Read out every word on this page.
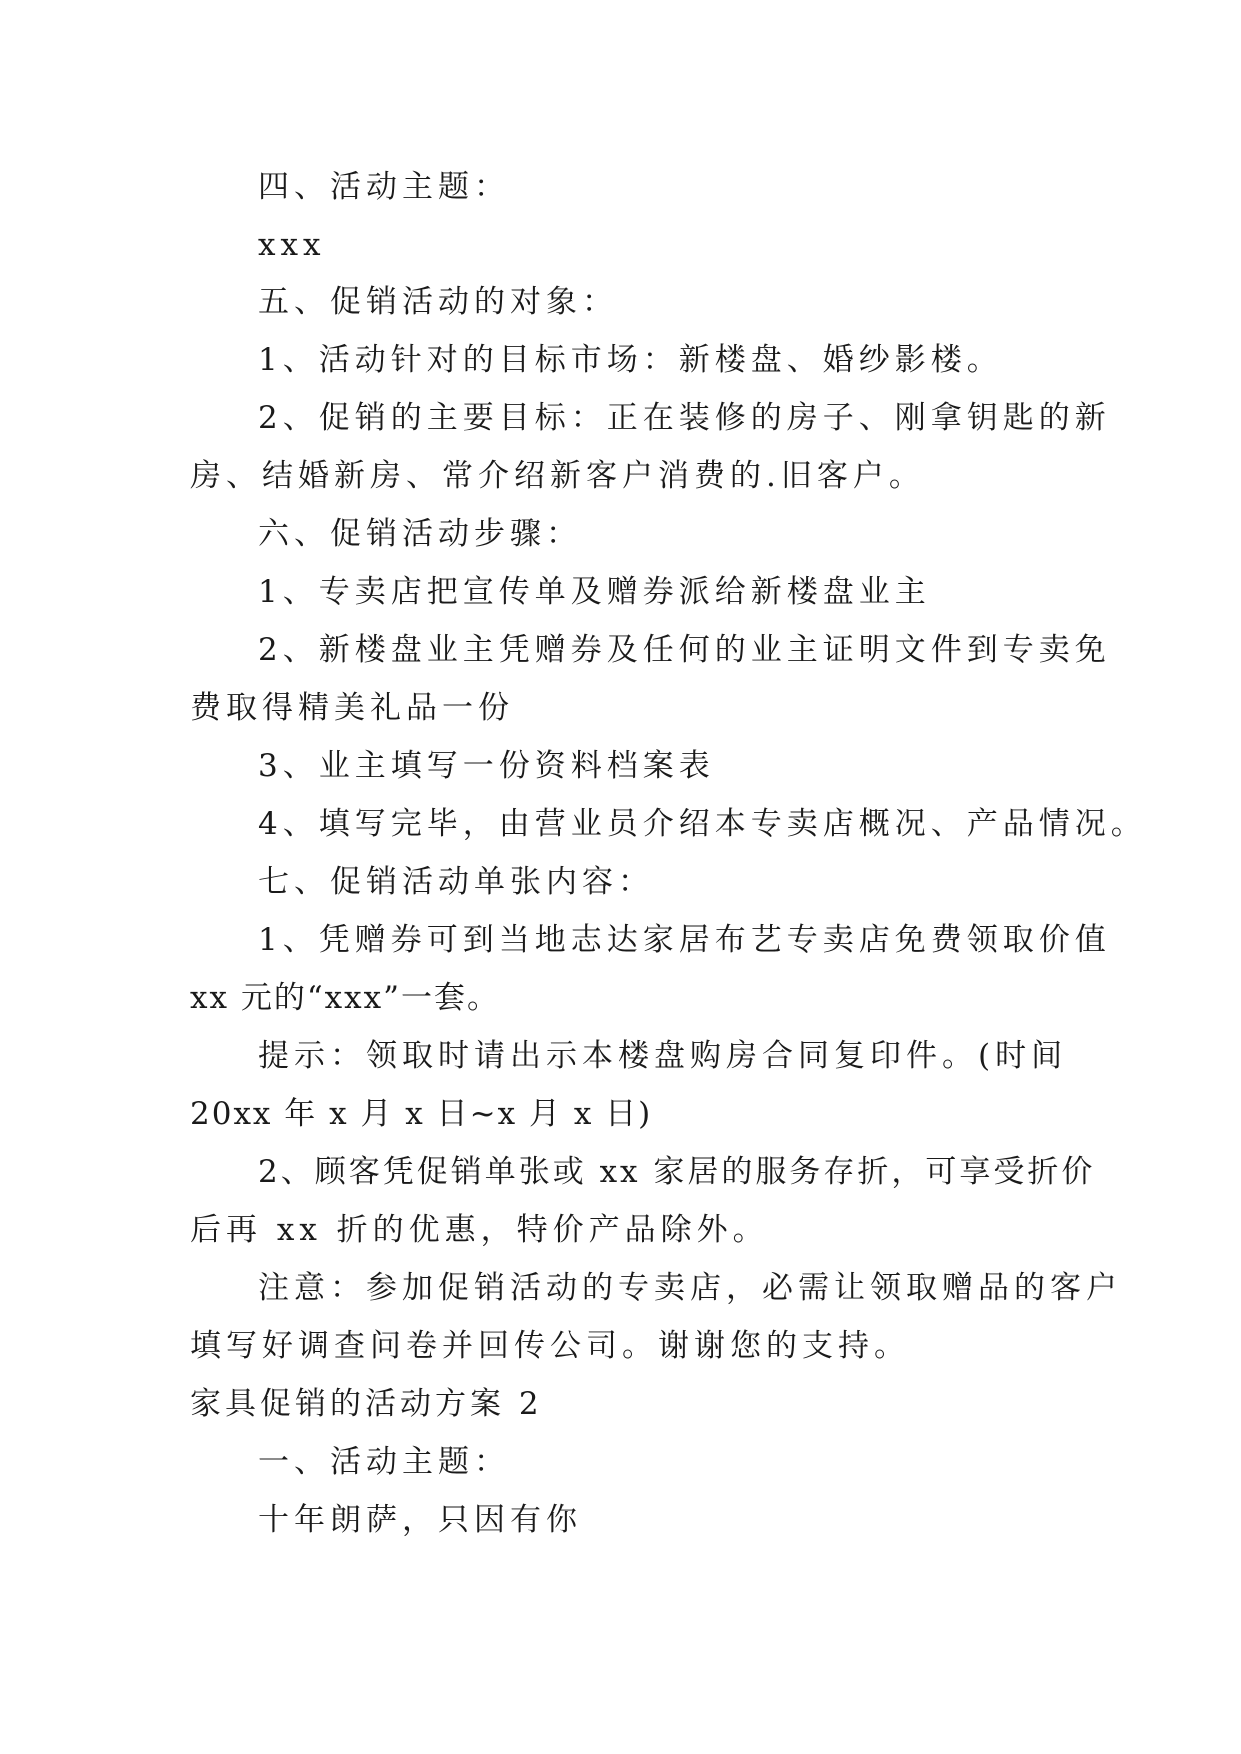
四、活动主题：
xxx
五、促销活动的对象：
1、活动针对的目标市场：新楼盘、婚纱影楼。
2、促销的主要目标：正在装修的房子、刚拿钥匙的新
房、结婚新房、常介绍新客户消费的.旧客户。
六、促销活动步骤：
1、专卖店把宣传单及赠券派给新楼盘业主
2、新楼盘业主凭赠券及任何的业主证明文件到专卖免
费取得精美礼品一份
3、业主填写一份资料档案表
4、填写完毕，由营业员介绍本专卖店概况、产品情况。
七、促销活动单张内容：
1、凭赠券可到当地志达家居布艺专卖店免费领取价值
xx 元的“xxx”一套。
提示：领取时请出示本楼盘购房合同复印件。(时间
20xx 年 x 月 x 日~x 月 x 日)
2、顾客凭促销单张或 xx 家居的服务存折，可享受折价
后再 xx 折的优惠，特价产品除外。
注意：参加促销活动的专卖店，必需让领取赠品的客户
填写好调查问卷并回传公司。谢谢您的支持。
家具促销的活动方案 2
一、活动主题：
十年朗萨，只因有你
